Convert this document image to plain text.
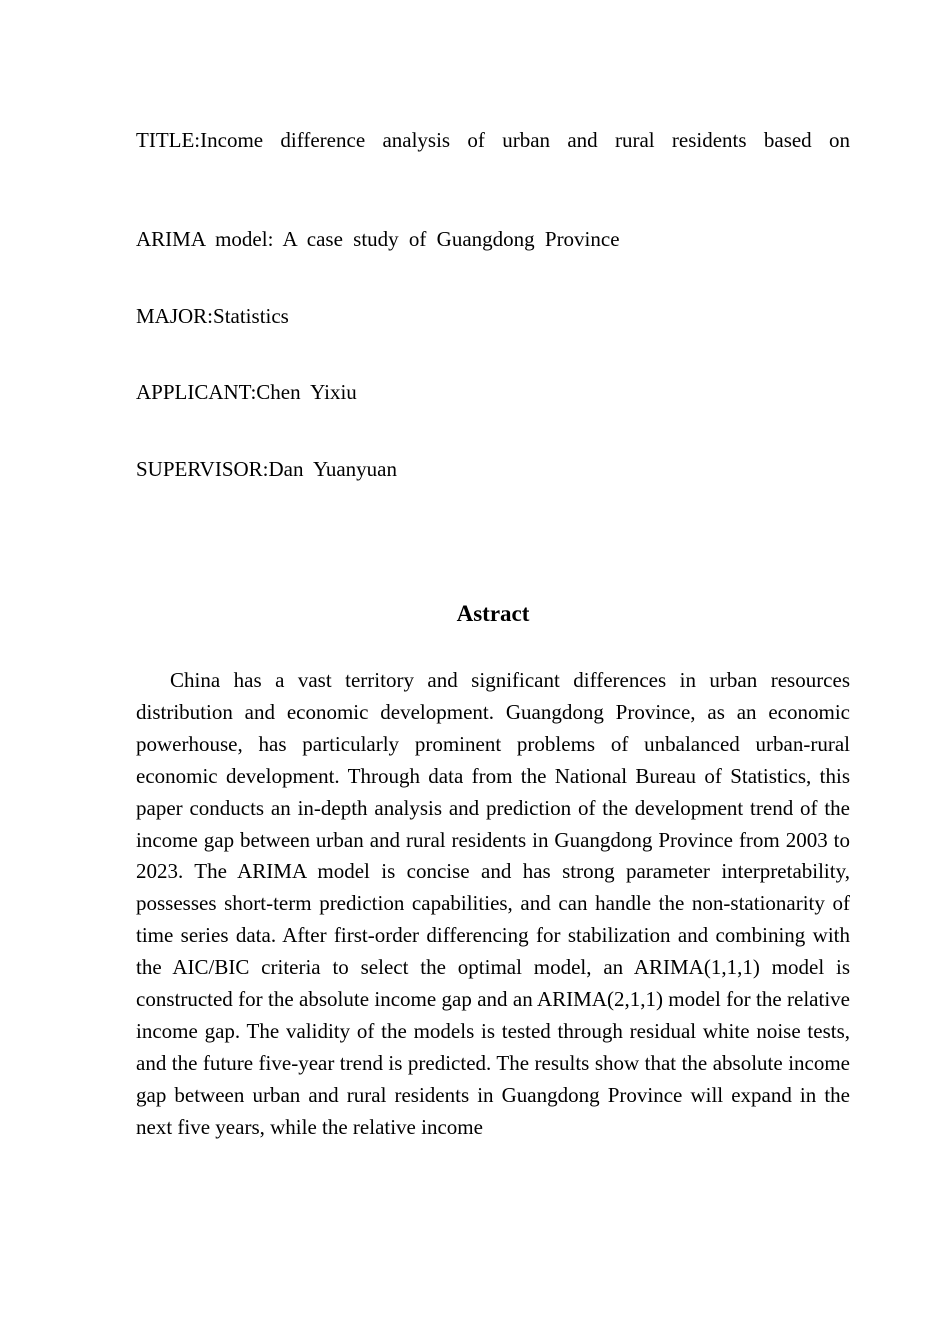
TITLE:Income difference analysis of urban and rural residents based on
ARIMA model: A case study of Guangdong Province
MAJOR:Statistics
APPLICANT:Chen Yixiu
SUPERVISOR:Dan Yuanyuan
Astract

China has a vast territory and significant differences in urban resources distribution and economic development. Guangdong Province, as an economic powerhouse, has particularly prominent problems of unbalanced urban-rural economic development. Through data from the National Bureau of Statistics, this paper conducts an in-depth analysis and prediction of the development trend of the income gap between urban and rural residents in Guangdong Province from 2003 to 2023. The ARIMA model is concise and has strong parameter interpretability, possesses short-term prediction capabilities, and can handle the non-stationarity of time series data. After first-order differencing for stabilization and combining with the AIC/BIC criteria to select the optimal model, an ARIMA(1,1,1) model is constructed for the absolute income gap and an ARIMA(2,1,1) model for the relative income gap. The validity of the models is tested through residual white noise tests, and the future five-year trend is predicted. The results show that the absolute income gap between urban and rural residents in Guangdong Province will expand in the next five years, while the relative income
